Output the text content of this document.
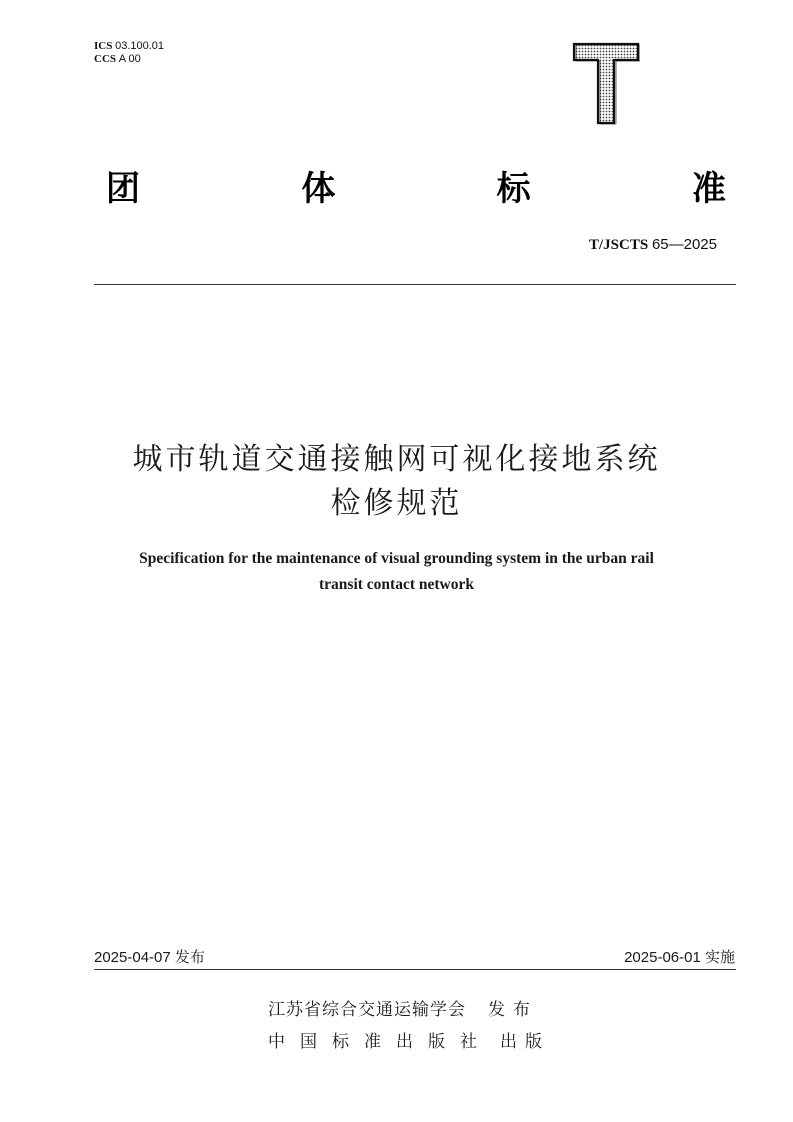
ICS 03.100.01
CCS A 00
团	体	标	准
T/JSCTS 65—2025
城市轨道交通接触网可视化接地系统
检修规范
Specification for the maintenance of visual grounding system in the urban rail
transit contact network
2025-04-07 发布	2025-06-01 实施
江苏省综合交通运输学会 发布
中国标准出版社 出版
